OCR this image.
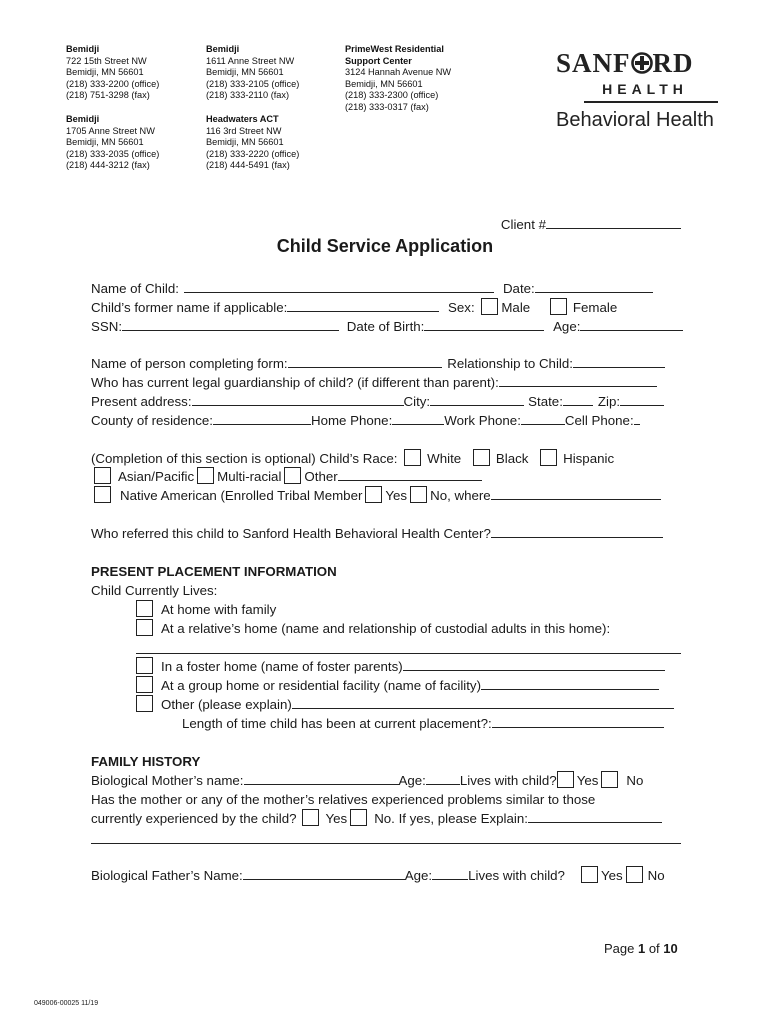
Bemidji
722 15th Street NW
Bemidji, MN 56601
(218) 333-2200 (office)
(218) 751-3298 (fax)
Bemidji
1611 Anne Street NW
Bemidji, MN 56601
(218) 333-2105 (office)
(218) 333-2110 (fax)
PrimeWest Residential
Support Center
3124 Hannah Avenue NW
Bemidji, MN 56601
(218) 333-2300 (office)
(218) 333-0317 (fax)
Bemidji
1705 Anne Street NW
Bemidji, MN 56601
(218) 333-2035 (office)
(218) 444-3212 (fax)
Headwaters ACT
116 3rd Street NW
Bemidji, MN 56601
(218) 333-2220 (office)
(218) 444-5491 (fax)
SANF RD
HEALTH
Behavioral Health
Client #
Child Service Application
Name of Child:	Date:
Child’s former name if applicable:	Sex: Male	Female
SSN:	Date of Birth:	Age:
Name of person completing form:	Relationship to Child:
Who has current legal guardianship of child? (if different than parent):
Present address:	City:	State:	Zip:
County of residence:	Home Phone:	Work Phone:	Cell Phone:
(Completion of this section is optional) Child’s Race: White	Black	Hispanic
Asian/Pacific Multi-racial Other
Native American (Enrolled Tribal Member Yes No, where
Who referred this child to Sanford Health Behavioral Health Center?
PRESENT PLACEMENT INFORMATION
Child Currently Lives:
At home with family
At a relative’s home (name and relationship of custodial adults in this home):
In a foster home (name of foster parents)
At a group home or residential facility (name of facility)
Other (please explain)
Length of time child has been at current placement?:
FAMILY HISTORY
Biological Mother’s name:	Age:	Lives with child? Yes No
Has the mother or any of the mother’s relatives experienced problems similar to those
currently experienced by the child? Yes No. If yes, please Explain:
Biological Father’s Name:	Age:	Lives with child?	Yes No
Page 1 of 10
049006-00025 11/19
